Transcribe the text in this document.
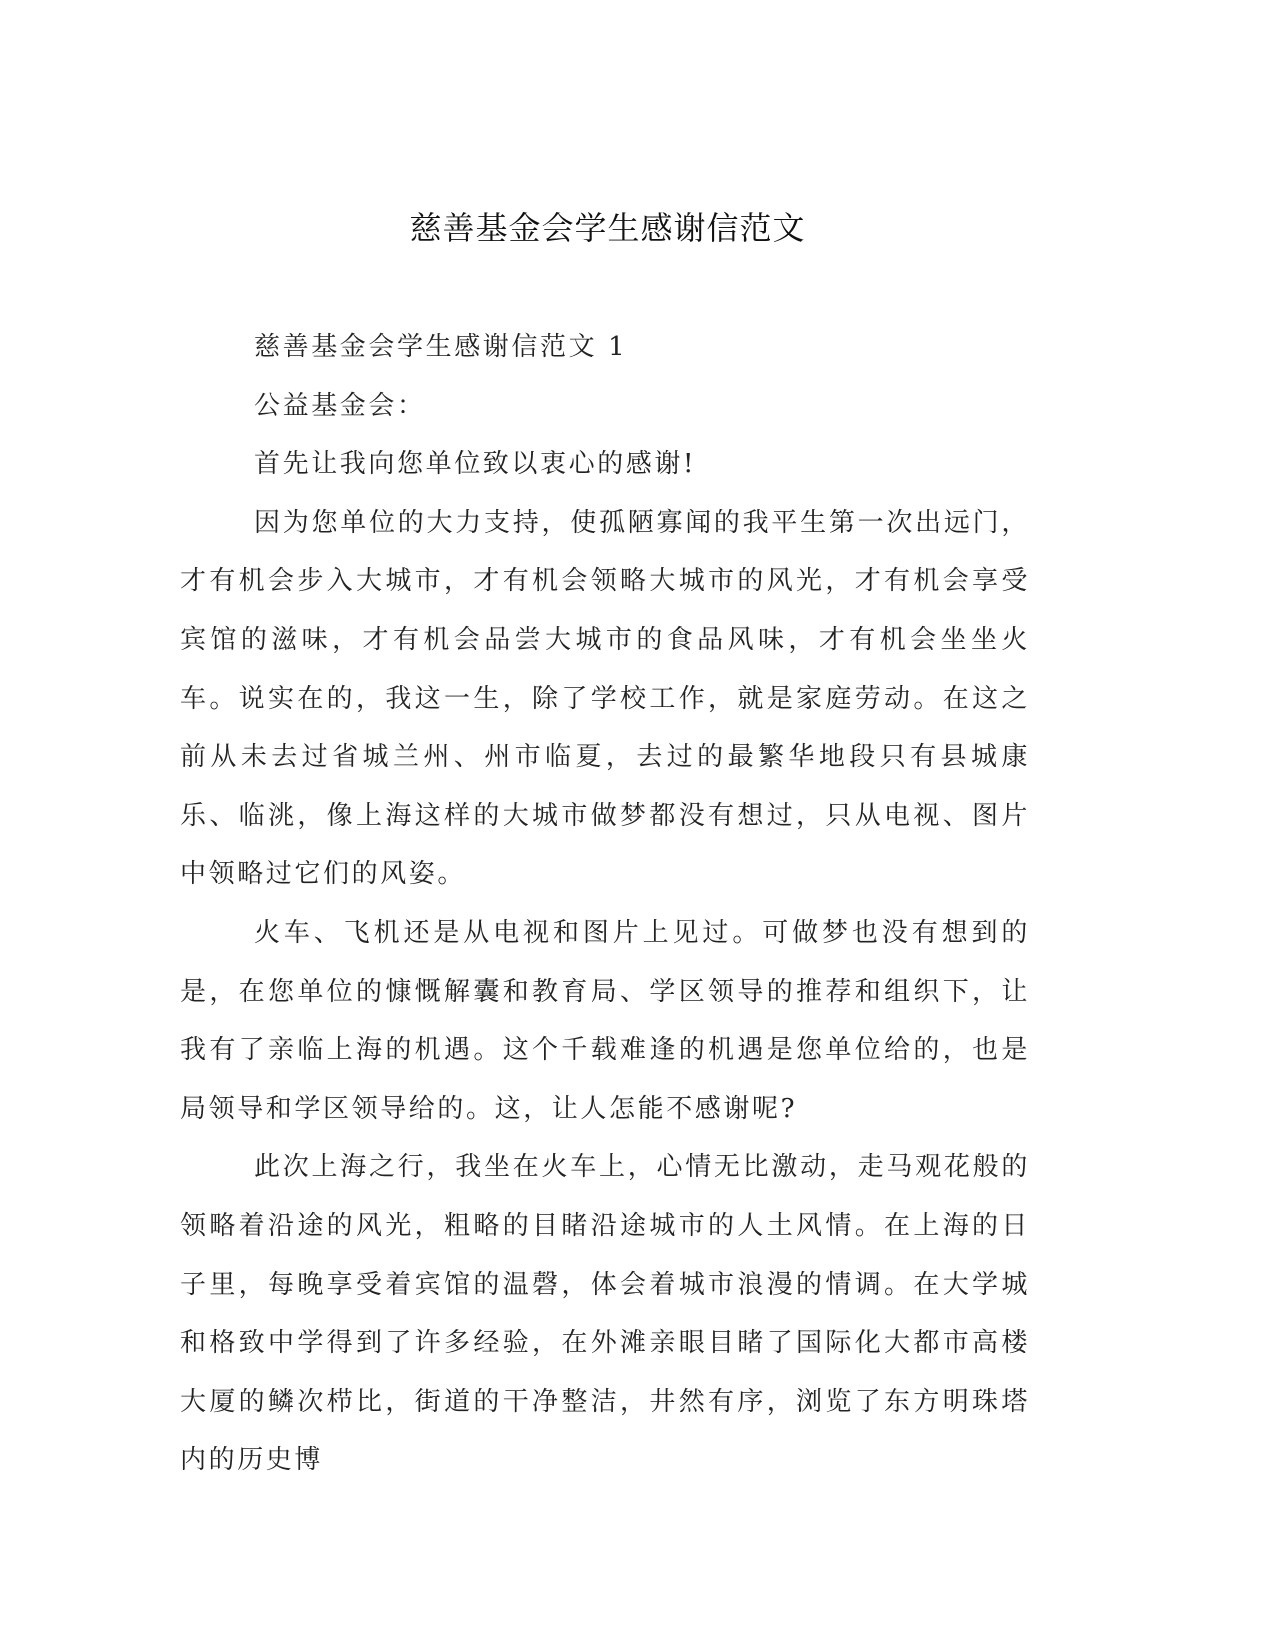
慈善基金会学生感谢信范文

慈善基金会学生感谢信范文 1

公益基金会：

首先让我向您单位致以衷心的感谢!

因为您单位的大力支持，使孤陋寡闻的我平生第一次出远门，才有机会步入大城市，才有机会领略大城市的风光，才有机会享受宾馆的滋味，才有机会品尝大城市的食品风味，才有机会坐坐火车。说实在的，我这一生，除了学校工作，就是家庭劳动。在这之前从未去过省城兰州、州市临夏，去过的最繁华地段只有县城康乐、临洮，像上海这样的大城市做梦都没有想过，只从电视、图片中领略过它们的风姿。

火车、飞机还是从电视和图片上见过。可做梦也没有想到的是，在您单位的慷慨解囊和教育局、学区领导的推荐和组织下，让我有了亲临上海的机遇。这个千载难逢的机遇是您单位给的，也是局领导和学区领导给的。这，让人怎能不感谢呢?

此次上海之行，我坐在火车上，心情无比激动，走马观花般的领略着沿途的风光，粗略的目睹沿途城市的人土风情。在上海的日子里，每晚享受着宾馆的温磬，体会着城市浪漫的情调。在大学城和格致中学得到了许多经验，在外滩亲眼目睹了国际化大都市高楼大厦的鳞次栉比，街道的干净整洁，井然有序，浏览了东方明珠塔内的历史博
